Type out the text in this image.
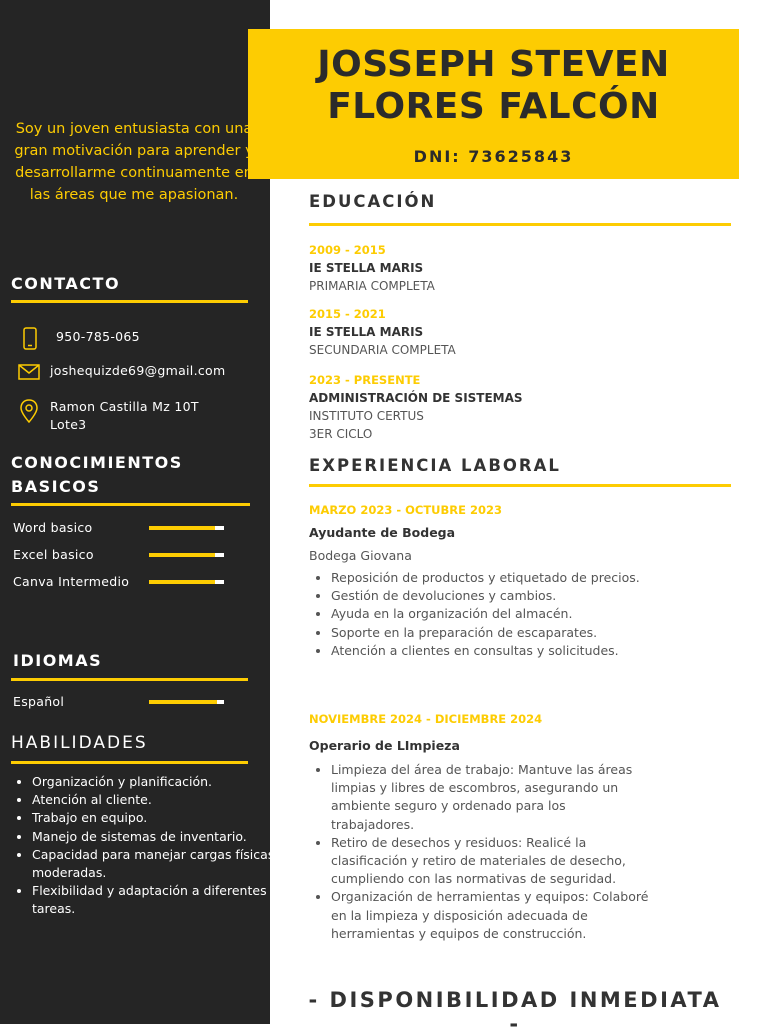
JOSSEPH STEVEN
FLORES FALCÓN
DNI: 73625843

Soy un joven entusiasta con una gran motivación para aprender y desarrollarme continuamente en las áreas que me apasionan.

CONTACTO
950-785-065
joshequizde69@gmail.com
Ramon Castilla Mz 10T
Lote3
CONOCIMIENTOS
BASICOS
Word basico
Excel basico
Canva Intermedio
IDIOMAS
Español
HABILIDADES
• Organización y planificación.
• Atención al cliente.
• Trabajo en equipo.
• Manejo de sistemas de inventario.
• Capacidad para manejar cargas físicas moderadas.
• Flexibilidad y adaptación a diferentes tareas.
EDUCACIÓN
2009 - 2015
IE STELLA MARIS
PRIMARIA COMPLETA
2015 - 2021
IE STELLA MARIS
SECUNDARIA COMPLETA
2023 - PRESENTE
ADMINISTRACIÓN DE SISTEMAS
INSTITUTO CERTUS
3ER CICLO
EXPERIENCIA LABORAL
MARZO 2023 - OCTUBRE 2023
Ayudante de Bodega
Bodega Giovana
• Reposición de productos y etiquetado de precios.
• Gestión de devoluciones y cambios.
• Ayuda en la organización del almacén.
• Soporte en la preparación de escaparates.
• Atención a clientes en consultas y solicitudes.
NOVIEMBRE 2024 - DICIEMBRE 2024
Operario de LImpieza
• Limpieza del área de trabajo: Mantuve las áreas limpias y libres de escombros, asegurando un ambiente seguro y ordenado para los trabajadores.
• Retiro de desechos y residuos: Realicé la clasificación y retiro de materiales de desecho, cumpliendo con las normativas de seguridad.
• Organización de herramientas y equipos: Colaboré en la limpieza y disposición adecuada de herramientas y equipos de construcción.
- DISPONIBILIDAD INMEDIATA -
